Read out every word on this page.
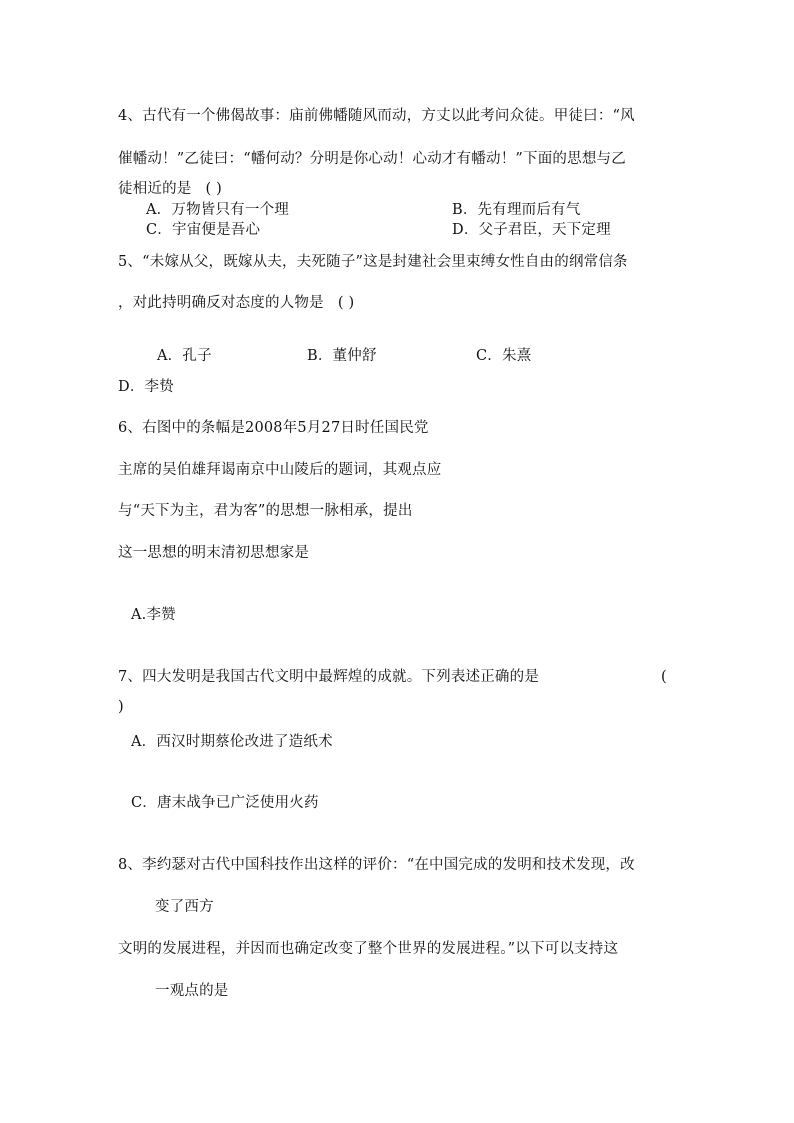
4、古代有一个佛偈故事：庙前佛幡随风而动，方丈以此考问众徒。甲徒曰：“风
催幡动！”乙徒曰：“幡何动？分明是你心动！心动才有幡动！”下面的思想与乙
徒相近的是 ( )
A．万物皆只有一个理	B．先有理而后有气
C．宇宙便是吾心	D．父子君臣，天下定理
5、“未嫁从父，既嫁从夫，夫死随子”这是封建社会里束缚女性自由的纲常信条
，对此持明确反对态度的人物是 ( )
A．孔子	B．董仲舒	C．朱熹
D．李贽
6、右图中的条幅是2008年5月27日时任国民党
主席的吴伯雄拜谒南京中山陵后的题词，其观点应
与“天下为主，君为客”的思想一脉相承，提出
这一思想的明末清初思想家是
A.李赞
7、四大发明是我国古代文明中最辉煌的成就。下列表述正确的是	(
)
A．西汉时期蔡伦改进了造纸术
C．唐末战争已广泛使用火药
8、李约瑟对古代中国科技作出这样的评价：“在中国完成的发明和技术发现，改
变了西方
文明的发展进程，并因而也确定改变了整个世界的发展进程。”以下可以支持这
一观点的是
